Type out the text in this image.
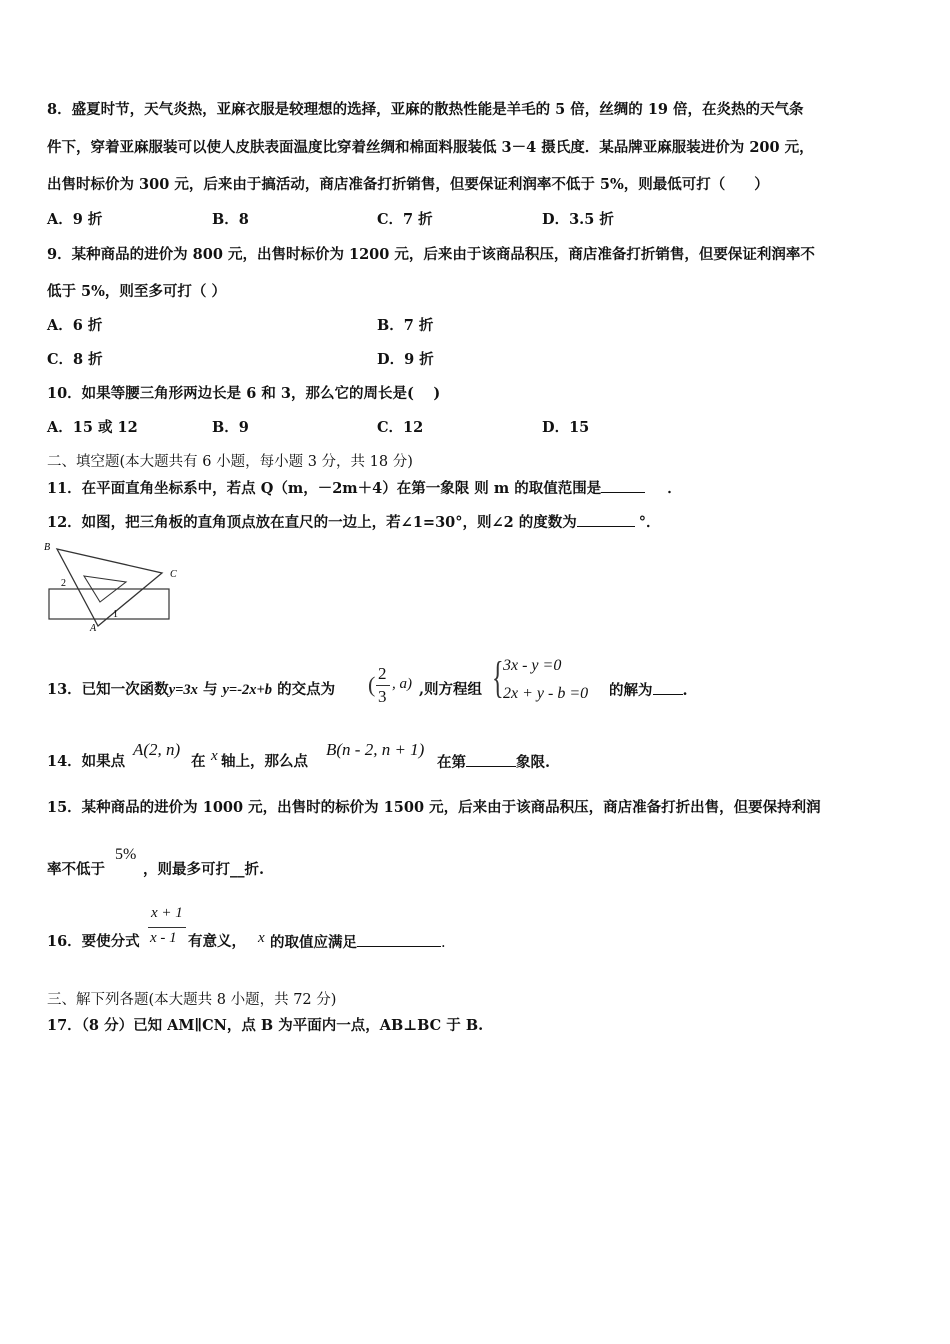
8．盛夏时节，天气炎热，亚麻衣服是较理想的选择，亚麻的散热性能是羊毛的 5 倍，丝绸的 19 倍，在炎热的天气条
件下，穿着亚麻服装可以使人皮肤表面温度比穿着丝绸和棉面料服装低 3－4 摄氏度．某品牌亚麻服装进价为 200 元，
出售时标价为 300 元，后来由于搞活动，商店准备打折销售，但要保证利润率不低于 5%，则最低可打（　　）
A．9 折	B．8	C．7 折	D．3.5 折
9．某种商品的进价为 800 元，出售时标价为 1200 元，后来由于该商品积压，商店准备打折销售，但要保证利润率不
低于 5%，则至多可打（ ）
A．6 折	B．7 折
C．8 折	D．9 折
10．如果等腰三角形两边长是 6 和 3，那么它的周长是(　 )
A．15 或 12	B．9	C．12	D．15
二、填空题(本大题共有 6 小题，每小题 3 分，共 18 分)
11．在平面直角坐标系中，若点 Q（m，－2m＋4）在第一象限 则 m 的取值范围是	．
12．如图，把三角板的直角顶点放在直尺的一边上，若∠1=30°，则∠2 的度数为	°．
B
C
A
1
2
13．已知一次函数y=3x 与 y=-2x+b 的交点为 ( 2
3
, a) ,则方程组 { 3x - y =0
2x + y - b =0 的解为 .
14．如果点
A(2, n)
在 x 轴上，那么点
B(n - 2, n + 1)
在第	象限.
15．某种商品的进价为 1000 元，出售时的标价为 1500 元，后来由于该商品积压，商店准备打折出售，但要保持利润
率不低于
5%
，则最多可打__折.
16．要使分式
x + 1
x - 1 有意义， x 的取值应满足	.
三、解下列各题(本大题共 8 小题，共 72 分)
17．（8 分）已知 AM∥CN，点 B 为平面内一点，AB⊥BC 于 B.
